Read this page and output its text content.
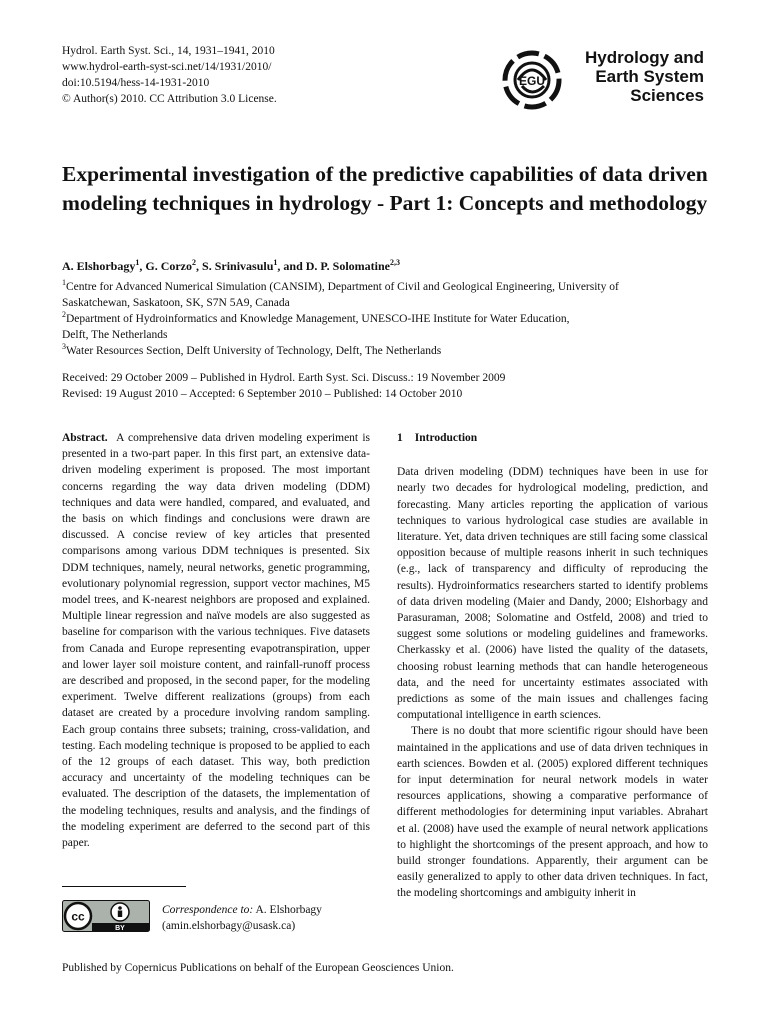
Hydrol. Earth Syst. Sci., 14, 1931–1941, 2010
www.hydrol-earth-syst-sci.net/14/1931/2010/
doi:10.5194/hess-14-1931-2010
© Author(s) 2010. CC Attribution 3.0 License.
EGU
Hydrology and
Earth System
Sciences
Experimental investigation of the predictive capabilities of data driven modeling techniques in hydrology - Part 1: Concepts and methodology
A. Elshorbagy$^1$, G. Corzo$^2$, S. Srinivasulu$^1$, and D. P. Solomatine$^{2,3}$
$^1$Centre for Advanced Numerical Simulation (CANSIM), Department of Civil and Geological Engineering, University of
Saskatchewan, Saskatoon, SK, S7N 5A9, Canada
$^2$Department of Hydroinformatics and Knowledge Management, UNESCO-IHE Institute for Water Education,
Delft, The Netherlands
$^3$Water Resources Section, Delft University of Technology, Delft, The Netherlands
Received: 29 October 2009 – Published in Hydrol. Earth Syst. Sci. Discuss.: 19 November 2009
Revised: 19 August 2010 – Accepted: 6 September 2010 – Published: 14 October 2010

Abstract. A comprehensive data driven modeling experiment is presented in a two-part paper. In this first part, an extensive data-driven modeling experiment is proposed. The most important concerns regarding the way data driven modeling (DDM) techniques and data were handled, compared, and evaluated, and the basis on which findings and conclusions were drawn are discussed. A concise review of key articles that presented comparisons among various DDM techniques is presented. Six DDM techniques, namely, neural networks, genetic programming, evolutionary polynomial regression, support vector machines, M5 model trees, and K-nearest neighbors are proposed and explained. Multiple linear regression and naïve models are also suggested as baseline for comparison with the various techniques. Five datasets from Canada and Europe representing evapotranspiration, upper and lower layer soil moisture content, and rainfall-runoff process are described and proposed, in the second paper, for the modeling experiment. Twelve different realizations (groups) from each dataset are created by a procedure involving random sampling. Each group contains three subsets; training, cross-validation, and testing. Each modeling technique is proposed to be applied to each of the 12 groups of each dataset. This way, both prediction accuracy and uncertainty of the modeling techniques can be evaluated. The description of the datasets, the implementation of the modeling techniques, results and analysis, and the findings of the modeling experiment are deferred to the second part of this paper.

1 Introduction

Data driven modeling (DDM) techniques have been in use for nearly two decades for hydrological modeling, prediction, and forecasting. Many articles reporting the application of various techniques to various hydrological case studies are available in literature. Yet, data driven techniques are still facing some classical opposition because of multiple reasons inherit in such techniques (e.g., lack of transparency and difficulty of reproducing the results). Hydroinformatics researchers started to identify problems of data driven modeling (Maier and Dandy, 2000; Elshorbagy and Parasuraman, 2008; Solomatine and Ostfeld, 2008) and tried to suggest some solutions or modeling guidelines and frameworks. Cherkassky et al. (2006) have listed the quality of the datasets, choosing robust learning methods that can handle heterogeneous data, and the need for uncertainty estimates associated with predictions as some of the main issues and challenges facing computational intelligence in earth sciences.

There is no doubt that more scientific rigour should have been maintained in the applications and use of data driven techniques in earth sciences. Bowden et al. (2005) explored different techniques for input determination for neural network models in water resources applications, showing a comparative performance of different methodologies for determining input variables. Abrahart et al. (2008) have used the example of neural network applications to highlight the shortcomings of the present approach, and how to build stronger foundations. Apparently, their argument can be easily generalized to apply to other data driven techniques. In fact, the modeling shortcomings and ambiguity inherit in

cc
BY
Correspondence to: A. Elshorbagy
(amin.elshorbagy@usask.ca)
Published by Copernicus Publications on behalf of the European Geosciences Union.
